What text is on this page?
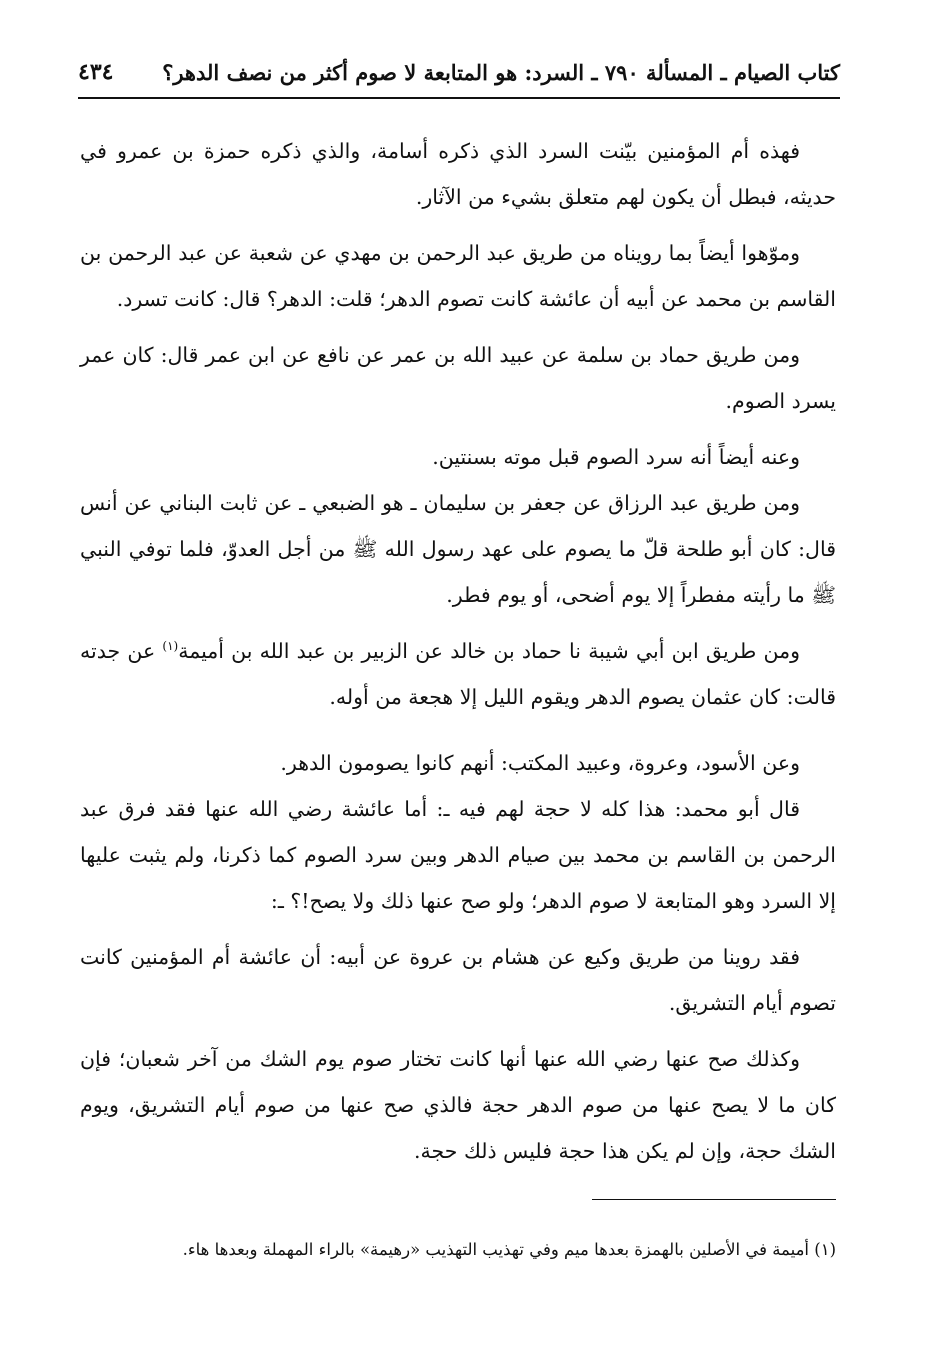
كتاب الصيام ـ المسألة ٧٩٠ ـ السرد: هو المتابعة لا صوم أكثر من نصف الدهر؟
٤٣٤

فهذه أم المؤمنين بيّنت السرد الذي ذكره أسامة، والذي ذكره حمزة بن عمرو في حديثه، فبطل أن يكون لهم متعلق بشيء من الآثار.

وموّهوا أيضاً بما رويناه من طريق عبد الرحمن بن مهدي عن شعبة عن عبد الرحمن بن القاسم بن محمد عن أبيه أن عائشة كانت تصوم الدهر؛ قلت: الدهر؟ قال: كانت تسرد.

ومن طريق حماد بن سلمة عن عبيد الله بن عمر عن نافع عن ابن عمر قال: كان عمر يسرد الصوم.

وعنه أيضاً أنه سرد الصوم قبل موته بسنتين.

ومن طريق عبد الرزاق عن جعفر بن سليمان ـ هو الضبعي ـ عن ثابت البناني عن أنس قال: كان أبو طلحة قلّ ما يصوم على عهد رسول الله ﷺ من أجل العدوّ، فلما توفي النبي ﷺ ما رأيته مفطراً إلا يوم أضحى، أو يوم فطر.

ومن طريق ابن أبي شيبة نا حماد بن خالد عن الزبير بن عبد الله بن أميمة$^{(١)}$ عن جدته قالت: كان عثمان يصوم الدهر ويقوم الليل إلا هجعة من أوله.

وعن الأسود، وعروة، وعبيد المكتب: أنهم كانوا يصومون الدهر.

قال أبو محمد: هذا كله لا حجة لهم فيه ـ: أما عائشة رضي الله عنها فقد فرق عبد الرحمن بن القاسم بن محمد بين صيام الدهر وبين سرد الصوم كما ذكرنا، ولم يثبت عليها إلا السرد وهو المتابعة لا صوم الدهر؛ ولو صح عنها ذلك ولا يصح!؟ ـ:

فقد روينا من طريق وكيع عن هشام بن عروة عن أبيه: أن عائشة أم المؤمنين كانت تصوم أيام التشريق.

وكذلك صح عنها رضي الله عنها أنها كانت تختار صوم يوم الشك من آخر شعبان؛ فإن كان ما لا يصح عنها من صوم الدهر حجة فالذي صح عنها من صوم أيام التشريق، ويوم الشك حجة، وإن لم يكن هذا حجة فليس ذلك حجة.

(١) أميمة في الأصلين بالهمزة بعدها ميم وفي تهذيب التهذيب «رهيمة» بالراء المهملة وبعدها هاء.
